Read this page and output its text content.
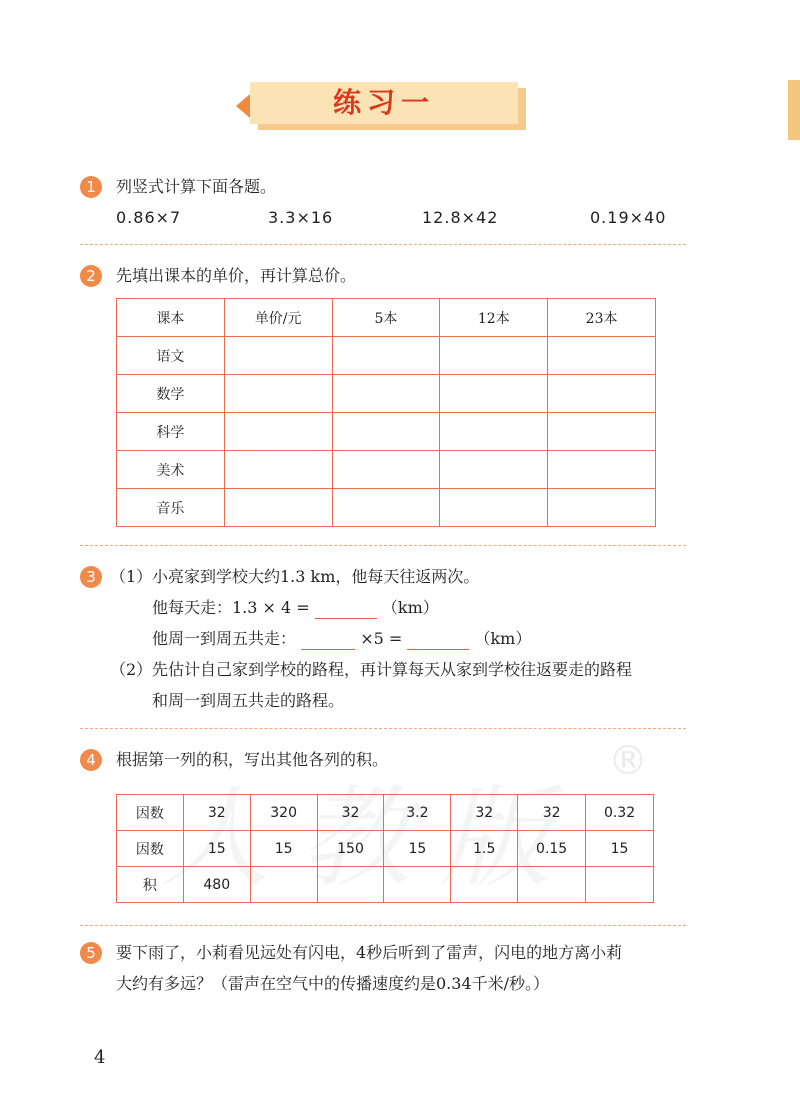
®
练习一
1	列竖式计算下面各题。
0.86×7	3.3×16	12.8×42	0.19×40
2	先填出课本的单价，再计算总价。
课本	单价/元	5本	12本	23本
语文				
数学				
科学				
美术				
音乐				
3 （1） 小亮家到学校大约1.3 km，他每天往返两次。
他每天走：1.3 × 4 =	（km）
他周一到周五共走：	×5 =	（km）
（2） 先估计自己家到学校的路程，再计算每天从家到学校往返要走的路程
和周一到周五共走的路程。
4	根据第一列的积，写出其他各列的积。
因数	32	320	32	3.2	32	32	0.32
因数	15	15	150	15	1.5	0.15	15
积	480						
5	要下雨了，小莉看见远处有闪电，4秒后听到了雷声，闪电的地方离小莉
大约有多远？（雷声在空气中的传播速度约是0.34千米/秒。）
4
